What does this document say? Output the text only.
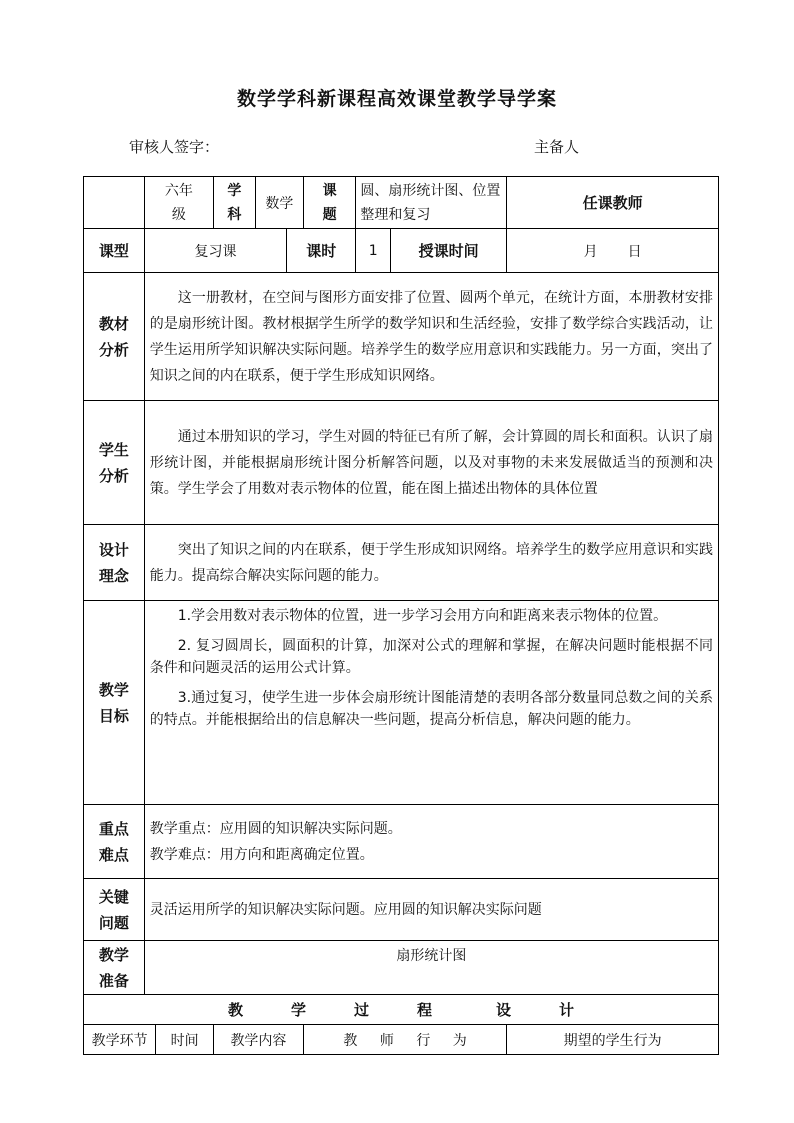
数学学科新课程高效课堂教学导学案
审核人签字：	主备人

	六年级		学科	数学		课题	圆、扇形统计图、位置整理和复习		任课教师
课型	复习课				课时		1	授课时间	月 日

教材分析	这一册教材，在空间与图形方面安排了位置、圆两个单元，在统计方面，本册教材安排的是扇形统计图。教材根据学生所学的数学知识和生活经验，安排了数学综合实践活动，让学生运用所学知识解决实际问题。培养学生的数学应用意识和实践能力。另一方面，突出了知识之间的内在联系，便于学生形成知识网络。								

学生分析	通过本册知识的学习，学生对圆的特征已有所了解，会计算圆的周长和面积。认识了扇形统计图，并能根据扇形统计图分析解答问题，以及对事物的未来发展做适当的预测和决策。学生学会了用数对表示物体的位置，能在图上描述出物体的具体位置								

设计理念	突出了知识之间的内在联系，便于学生形成知识网络。培养学生的数学应用意识和实践能力。提高综合解决实际问题的能力。								

教学目标	1.学会用数对表示物体的位置，进一步学习会用方向和距离来表示物体的位置。

2. 复习圆周长，圆面积的计算，加深对公式的理解和掌握，在解决问题时能根据不同条件和问题灵活的运用公式计算。

3.通过复习，使学生进一步体会扇形统计图能清楚的表明各部分数量同总数之间的关系的特点。并能根据给出的信息解决一些问题，提高分析信息，解决问题的能力。								

重点难点	教学重点：应用圆的知识解决实际问题。

教学难点：用方向和距离确定位置。								

关键问题	灵活运用所学的知识解决实际问题。应用圆的知识解决实际问题								

教学准备	扇形统计图								
教 学 过 程 设 计									
教学环节		时间	教学内容			教 师 行 为			期望的学生行为
